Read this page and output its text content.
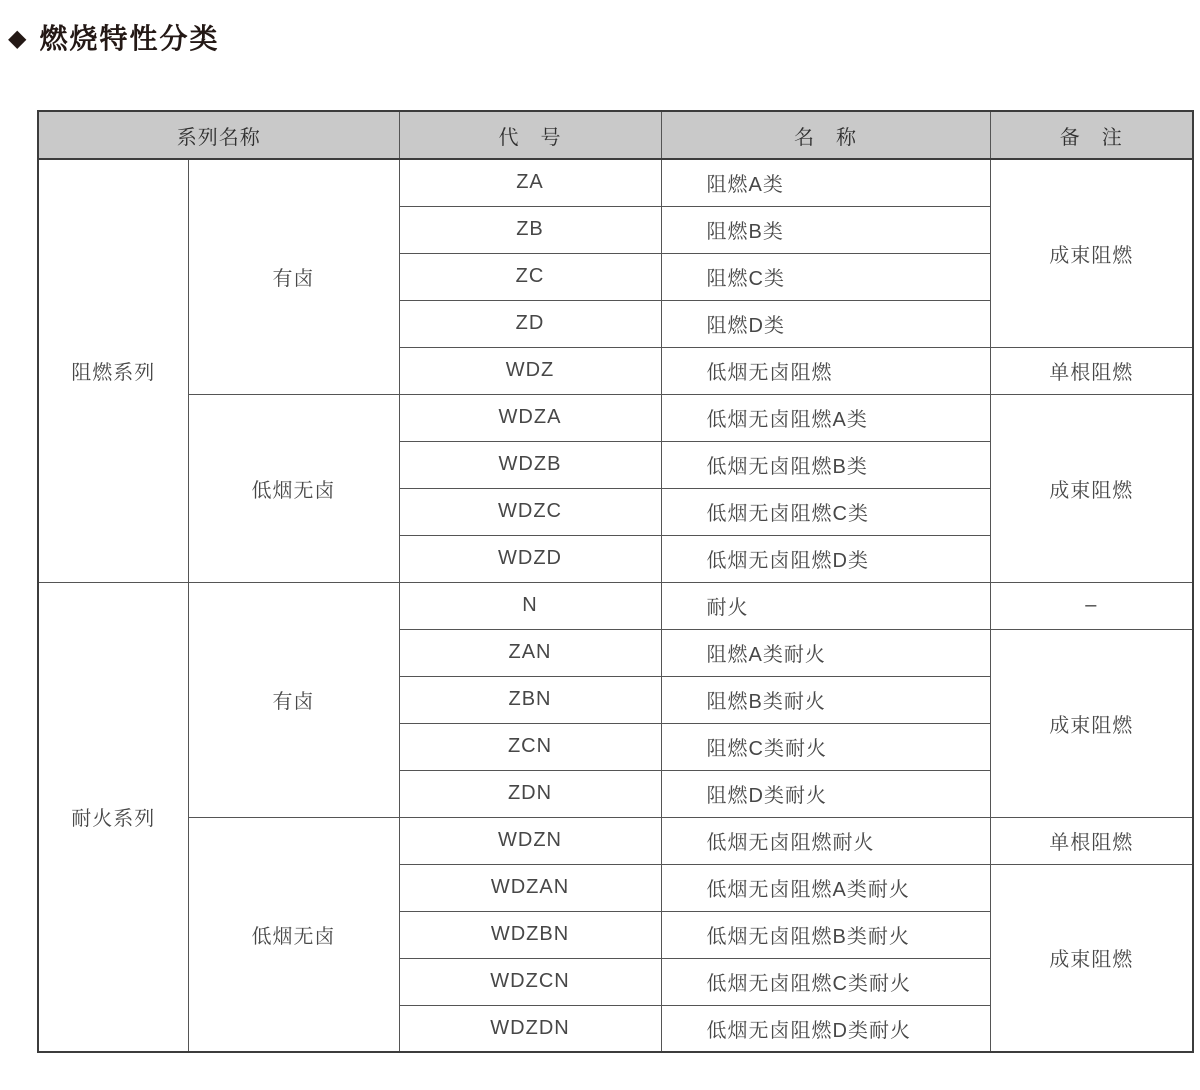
◆ 燃烧特性分类
系列名称		代　号	名　称	备　注
阻燃系列	有卤	ZA	阻燃A类	成束阻燃
		ZB	阻燃B类	
		ZC	阻燃C类	
		ZD	阻燃D类	
		WDZ	低烟无卤阻燃	单根阻燃
	低烟无卤	WDZA	低烟无卤阻燃A类	成束阻燃
		WDZB	低烟无卤阻燃B类	
		WDZC	低烟无卤阻燃C类	
		WDZD	低烟无卤阻燃D类	
耐火系列	有卤	N	耐火	–
		ZAN	阻燃A类耐火	成束阻燃
		ZBN	阻燃B类耐火	
		ZCN	阻燃C类耐火	
		ZDN	阻燃D类耐火	
	低烟无卤	WDZN	低烟无卤阻燃耐火	单根阻燃
		WDZAN	低烟无卤阻燃A类耐火	成束阻燃
		WDZBN	低烟无卤阻燃B类耐火	
		WDZCN	低烟无卤阻燃C类耐火	
		WDZDN	低烟无卤阻燃D类耐火	
